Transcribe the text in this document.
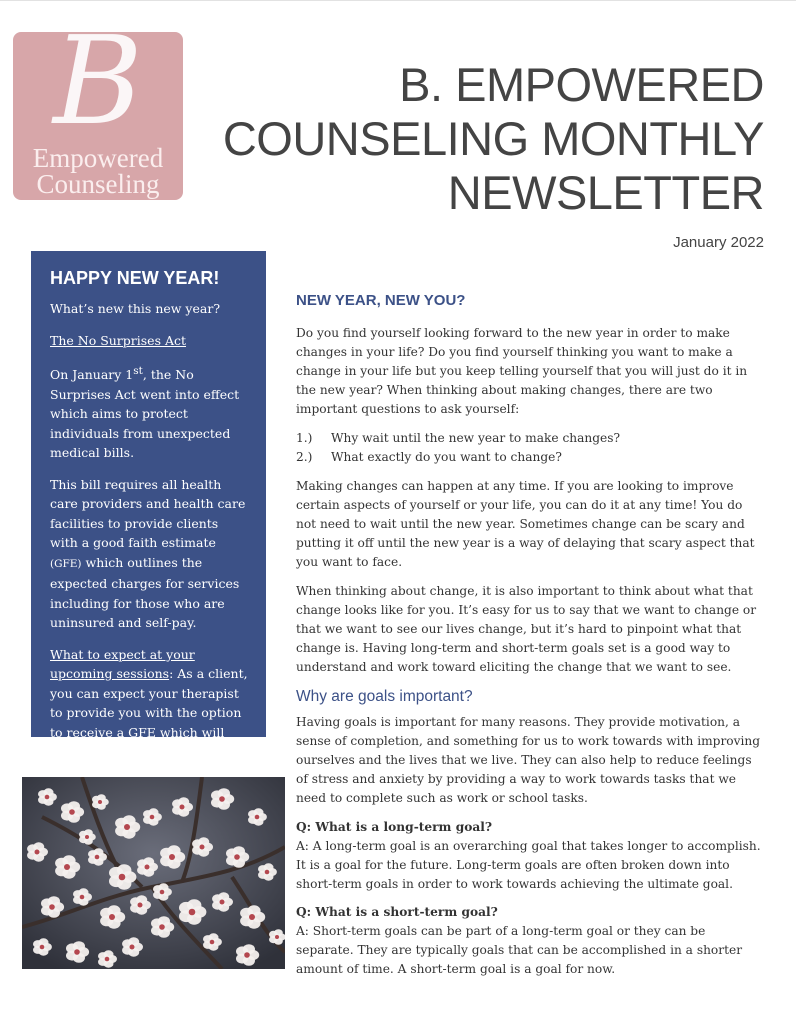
B
Empowered
Counseling
B. EMPOWERED
COUNSELING MONTHLY
NEWSLETTER
January 2022
HAPPY NEW YEAR!

What’s new this new year?

The No Surprises Act

On January 1st, the No Surprises Act went into effect which aims to protect individuals from unexpected medical bills.

This bill requires all health care providers and health care facilities to provide clients with a good faith estimate (GFE) which outlines the expected charges for services including for those who are uninsured and self-pay.

What to expect at your upcoming sessions: As a client, you can expect your therapist to provide you with the option to receive a GFE which will outline your expected benefits.

NEW YEAR, NEW YOU?

Do you find yourself looking forward to the new year in order to make changes in your life? Do you find yourself thinking you want to make a change in your life but you keep telling yourself that you will just do it in the new year? When thinking about making changes, there are two important questions to ask yourself:

1.)	Why wait until the new year to make changes?
2.)	What exactly do you want to change?

Making changes can happen at any time. If you are looking to improve certain aspects of yourself or your life, you can do it at any time! You do not need to wait until the new year. Sometimes change can be scary and putting it off until the new year is a way of delaying that scary aspect that you want to face.

When thinking about change, it is also important to think about what that change looks like for you. It’s easy for us to say that we want to change or that we want to see our lives change, but it’s hard to pinpoint what that change is. Having long-term and short-term goals set is a good way to understand and work toward eliciting the change that we want to see.

Why are goals important?

Having goals is important for many reasons. They provide motivation, a sense of completion, and something for us to work towards with improving ourselves and the lives that we live. They can also help to reduce feelings of stress and anxiety by providing a way to work towards tasks that we need to complete such as work or school tasks.

Q: What is a long-term goal?

A: A long-term goal is an overarching goal that takes longer to accomplish. It is a goal for the future. Long-term goals are often broken down into short-term goals in order to work towards achieving the ultimate goal.

Q: What is a short-term goal?

A: Short-term goals can be part of a long-term goal or they can be separate. They are typically goals that can be accomplished in a shorter amount of time. A short-term goal is a goal for now.
